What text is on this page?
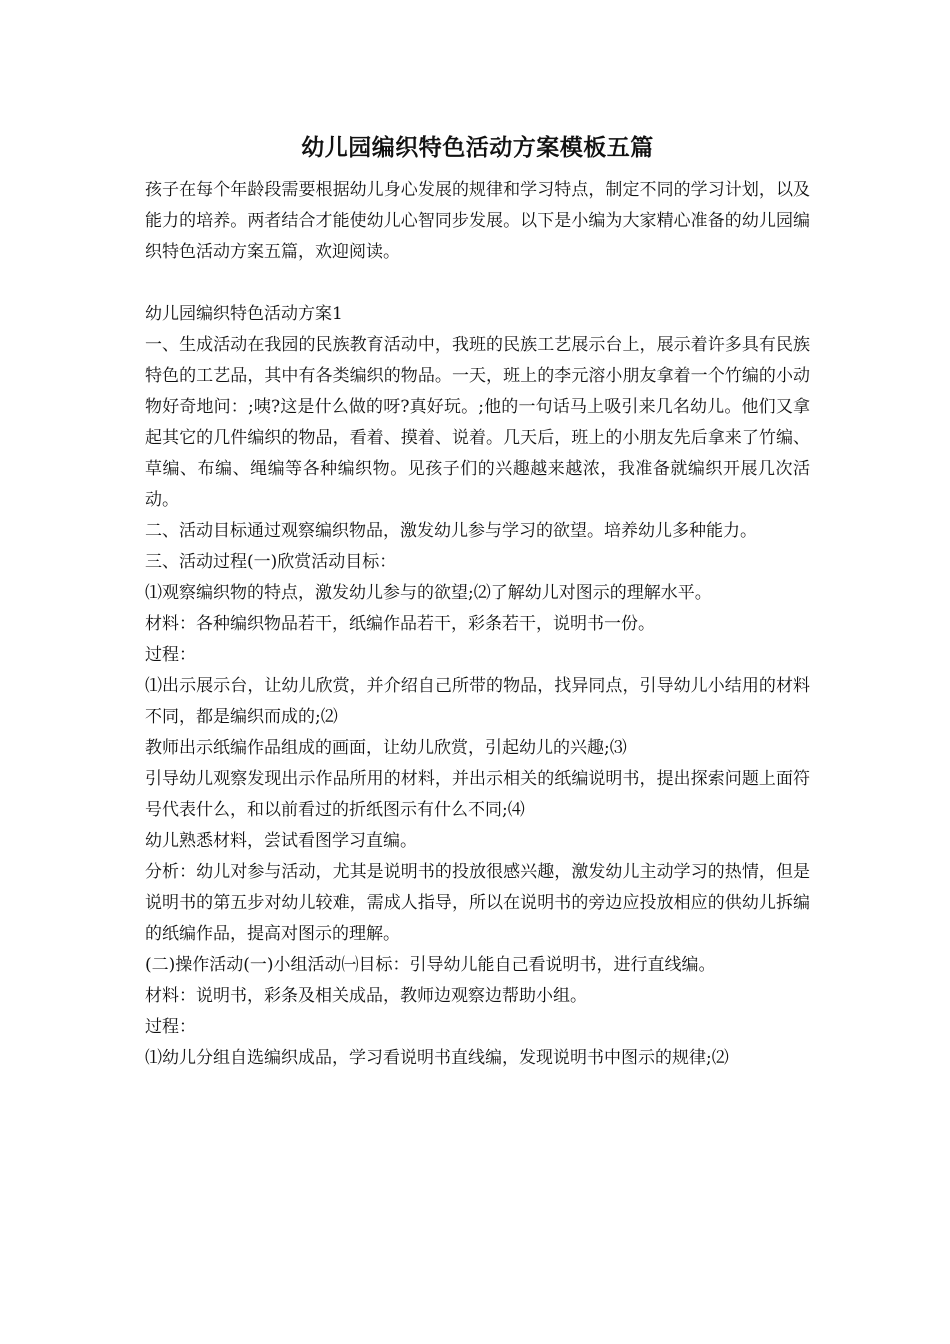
幼儿园编织特色活动方案模板五篇

孩子在每个年龄段需要根据幼儿身心发展的规律和学习特点，制定不同的学习计划，以及能力的培养。两者结合才能使幼儿心智同步发展。以下是小编为大家精心准备的幼儿园编织特色活动方案五篇，欢迎阅读。

幼儿园编织特色活动方案1

一、生成活动在我园的民族教育活动中，我班的民族工艺展示台上，展示着许多具有民族特色的工艺品，其中有各类编织的物品。一天，班上的李元溶小朋友拿着一个竹编的小动物好奇地问：;咦?这是什么做的呀?真好玩。;他的一句话马上吸引来几名幼儿。他们又拿起其它的几件编织的物品，看着、摸着、说着。几天后，班上的小朋友先后拿来了竹编、草编、布编、绳编等各种编织物。见孩子们的兴趣越来越浓，我准备就编织开展几次活动。

二、活动目标通过观察编织物品，激发幼儿参与学习的欲望。培养幼儿多种能力。

三、活动过程(一)欣赏活动目标：

⑴观察编织物的特点，激发幼儿参与的欲望;⑵了解幼儿对图示的理解水平。

材料：各种编织物品若干，纸编作品若干，彩条若干，说明书一份。

过程：

⑴出示展示台，让幼儿欣赏，并介绍自己所带的物品，找异同点，引导幼儿小结用的材料不同，都是编织而成的;⑵

教师出示纸编作品组成的画面，让幼儿欣赏，引起幼儿的兴趣;⑶

引导幼儿观察发现出示作品所用的材料，并出示相关的纸编说明书，提出探索问题上面符号代表什么，和以前看过的折纸图示有什么不同;⑷

幼儿熟悉材料，尝试看图学习直编。

分析：幼儿对参与活动，尤其是说明书的投放很感兴趣，激发幼儿主动学习的热情，但是说明书的第五步对幼儿较难，需成人指导，所以在说明书的旁边应投放相应的供幼儿拆编的纸编作品，提高对图示的理解。

(二)操作活动(一)小组活动㈠目标：引导幼儿能自己看说明书，进行直线编。

材料：说明书，彩条及相关成品，教师边观察边帮助小组。

过程：

⑴幼儿分组自选编织成品，学习看说明书直线编，发现说明书中图示的规律;⑵
